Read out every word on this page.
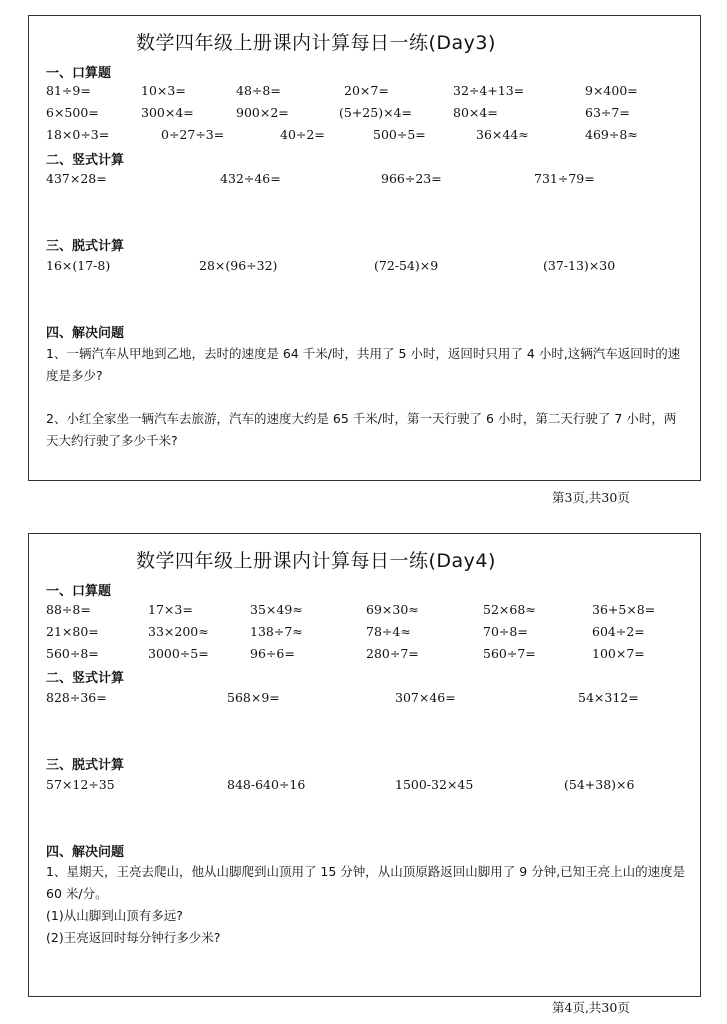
数学四年级上册课内计算每日一练(Day3)
一、口算题
81÷9=	10×3=	48÷8=	20×7=	32÷4+13=	9×400=
6×500=	300×4=	900×2=	(5+25)×4=	80×4=	63÷7=
18×0÷3=	0÷27÷3=	40÷2=	500÷5=	36×44≈	469÷8≈
二、竖式计算
437×28=	432÷46=	966÷23=	731÷79=
三、脱式计算
16×(17-8)	28×(96÷32)	(72-54)×9	(37-13)×30
四、解决问题
1、一辆汽车从甲地到乙地，去时的速度是 64 千米/时，共用了 5 小时，返回时只用了 4 小时,这辆汽车返回时的速度是多少?
2、小红全家坐一辆汽车去旅游，汽车的速度大约是 65 千米/时，第一天行驶了 6 小时，第二天行驶了 7 小时，两天大约行驶了多少千米?
第3页,共30页
数学四年级上册课内计算每日一练(Day4)
一、口算题
88÷8=	17×3=	35×49≈	69×30≈	52×68≈	36+5×8=
21×80=	33×200≈	138÷7≈	78÷4≈	70÷8=	604÷2=
560÷8=	3000÷5=	96÷6=	280÷7=	560÷7=	100×7=
二、竖式计算
828÷36=	568×9=	307×46=	54×312=
三、脱式计算
57×12÷35	848-640÷16	1500-32×45	(54+38)×6
四、解决问题
1、星期天，王亮去爬山，他从山脚爬到山顶用了 15 分钟，从山顶原路返回山脚用了 9 分钟,已知王亮上山的速度是 60 米/分。
(1)从山脚到山顶有多远?
(2)王亮返回时每分钟行多少米?
第4页,共30页
